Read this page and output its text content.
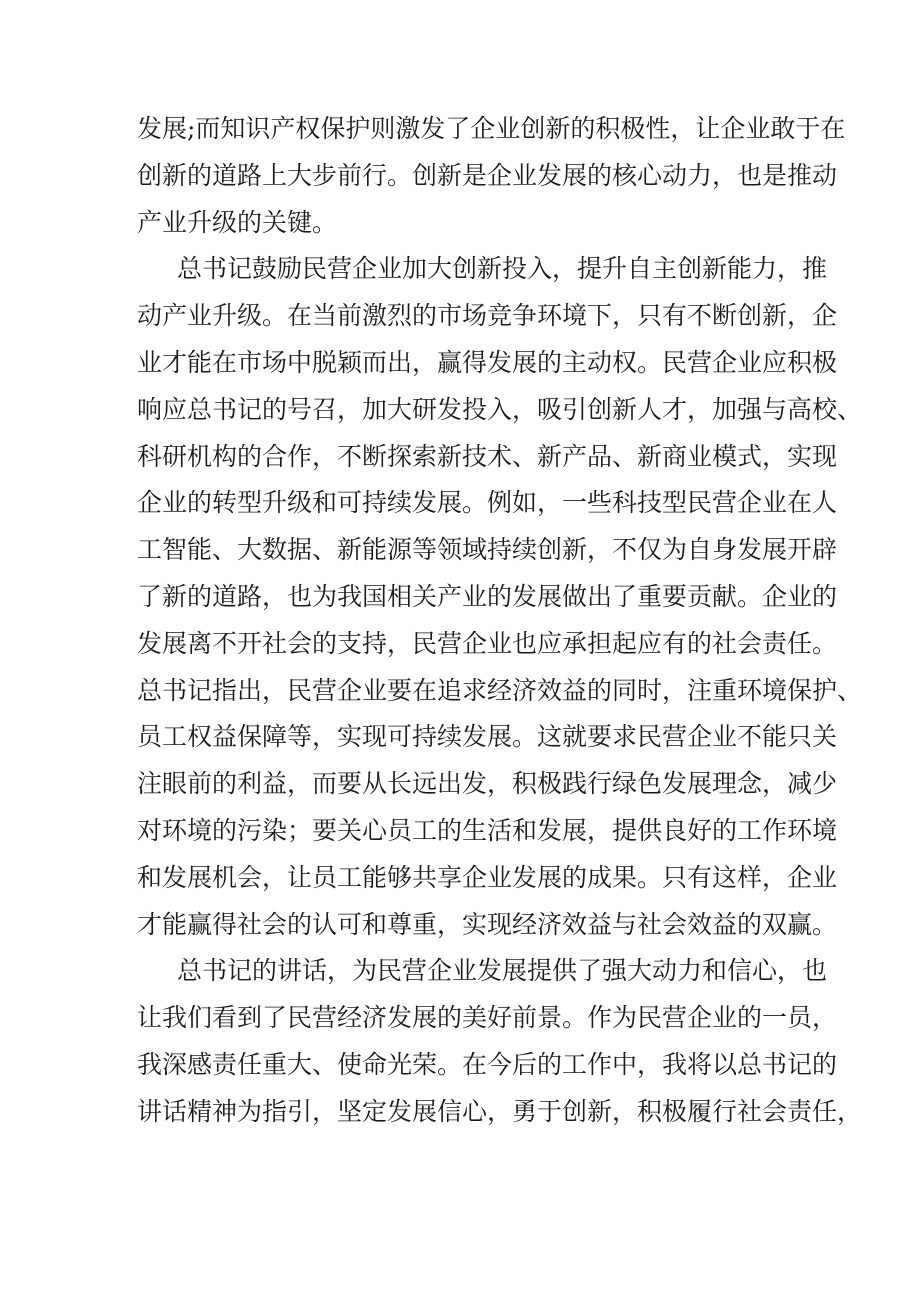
发展;而知识产权保护则激发了企业创新的积极性，让企业敢于在
创新的道路上大步前行。创新是企业发展的核心动力，也是推动
产业升级的关键。
总书记鼓励民营企业加大创新投入，提升自主创新能力，推
动产业升级。在当前激烈的市场竞争环境下，只有不断创新，企
业才能在市场中脱颖而出，赢得发展的主动权。民营企业应积极
响应总书记的号召，加大研发投入，吸引创新人才，加强与高校、
科研机构的合作，不断探索新技术、新产品、新商业模式，实现
企业的转型升级和可持续发展。例如，一些科技型民营企业在人
工智能、大数据、新能源等领域持续创新，不仅为自身发展开辟
了新的道路，也为我国相关产业的发展做出了重要贡献。企业的
发展离不开社会的支持，民营企业也应承担起应有的社会责任。
总书记指出，民营企业要在追求经济效益的同时，注重环境保护、
员工权益保障等，实现可持续发展。这就要求民营企业不能只关
注眼前的利益，而要从长远出发，积极践行绿色发展理念，减少
对环境的污染；要关心员工的生活和发展，提供良好的工作环境
和发展机会，让员工能够共享企业发展的成果。只有这样，企业
才能赢得社会的认可和尊重，实现经济效益与社会效益的双赢。
总书记的讲话，为民营企业发展提供了强大动力和信心，也
让我们看到了民营经济发展的美好前景。作为民营企业的一员，
我深感责任重大、使命光荣。在今后的工作中，我将以总书记的
讲话精神为指引，坚定发展信心，勇于创新，积极履行社会责任，
